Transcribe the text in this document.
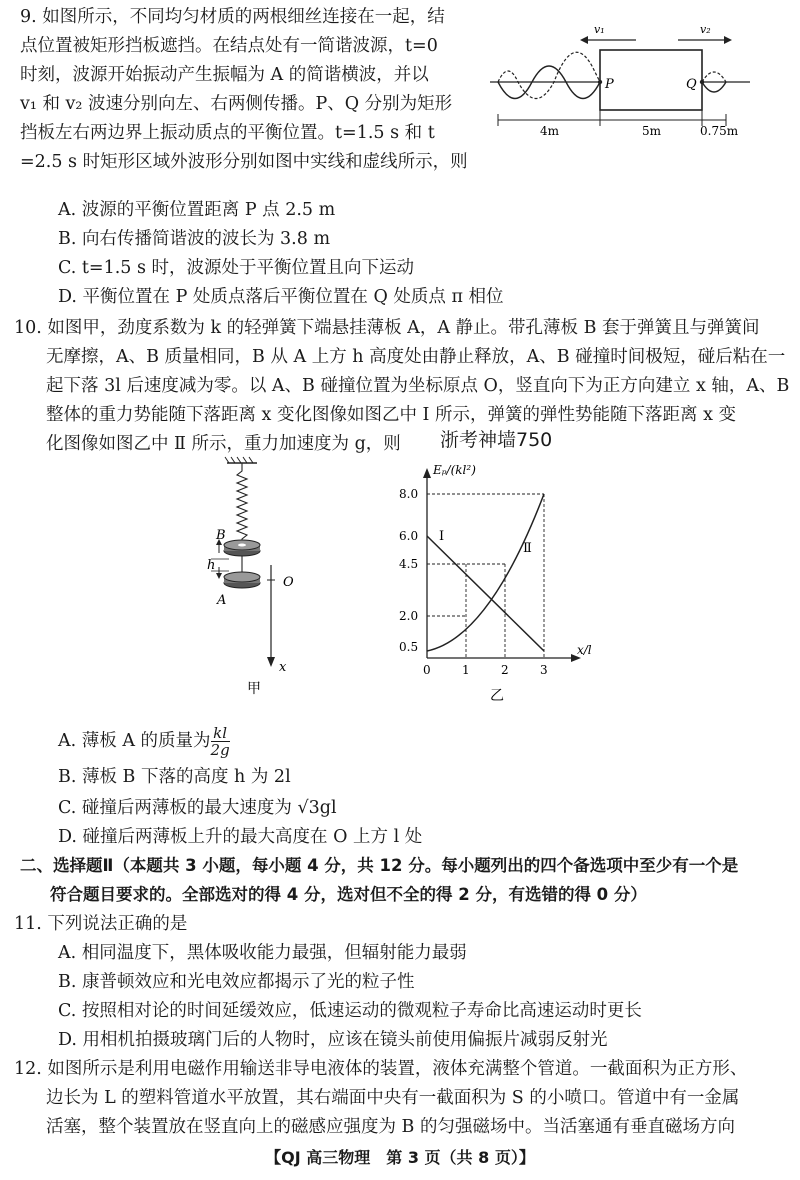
9. 如图所示，不同均匀材质的两根细丝连接在一起，结
点位置被矩形挡板遮挡。在结点处有一简谐波源，t=0
时刻，波源开始振动产生振幅为 A 的简谐横波，并以
v₁ 和 v₂ 波速分别向左、右两侧传播。P、Q 分别为矩形
挡板左右两边界上振动质点的平衡位置。t=1.5 s 和 t
=2.5 s 时矩形区域外波形分别如图中实线和虚线所示，则
v₁	v₂
P	Q
4m	5m	0.75m
A. 波源的平衡位置距离 P 点 2.5 m
B. 向右传播简谐波的波长为 3.8 m
C. t=1.5 s 时，波源处于平衡位置且向下运动
D. 平衡位置在 P 处质点落后平衡位置在 Q 处质点 π 相位
10. 如图甲，劲度系数为 k 的轻弹簧下端悬挂薄板 A，A 静止。带孔薄板 B 套于弹簧且与弹簧间
无摩擦，A、B 质量相同，B 从 A 上方 h 高度处由静止释放，A、B 碰撞时间极短，碰后粘在一
起下落 3l 后速度减为零。以 A、B 碰撞位置为坐标原点 O，竖直向下为正方向建立 x 轴，A、B
整体的重力势能随下落距离 x 变化图像如图乙中 Ⅰ 所示，弹簧的弹性势能随下落距离 x 变
化图像如图乙中 Ⅱ 所示，重力加速度为 g，则 浙考神墙750
B
h
A
O
x
甲
Ⅰ
Ⅱ
8.0
6.0
4.5
2.0
0.5
0	1	2	3
Eₚ/(kl²)
x/l
乙
A. 薄板 A 的质量为 $\frac{kl}{2g}$
B. 薄板 B 下落的高度 h 为 2l
C. 碰撞后两薄板的最大速度为 √3gl
D. 碰撞后两薄板上升的最大高度在 O 上方 l 处
二、选择题Ⅱ（本题共 3 小题，每小题 4 分，共 12 分。每小题列出的四个备选项中至少有一个是
符合题目要求的。全部选对的得 4 分，选对但不全的得 2 分，有选错的得 0 分）
11. 下列说法正确的是
A. 相同温度下，黑体吸收能力最强，但辐射能力最弱
B. 康普顿效应和光电效应都揭示了光的粒子性
C. 按照相对论的时间延缓效应，低速运动的微观粒子寿命比高速运动时更长
D. 用相机拍摄玻璃门后的人物时，应该在镜头前使用偏振片减弱反射光
12. 如图所示是利用电磁作用输送非导电液体的装置，液体充满整个管道。一截面积为正方形、
边长为 L 的塑料管道水平放置，其右端面中央有一截面积为 S 的小喷口。管道中有一金属
活塞，整个装置放在竖直向上的磁感应强度为 B 的匀强磁场中。当活塞通有垂直磁场方向
【QJ 高三物理　第 3 页（共 8 页）】
